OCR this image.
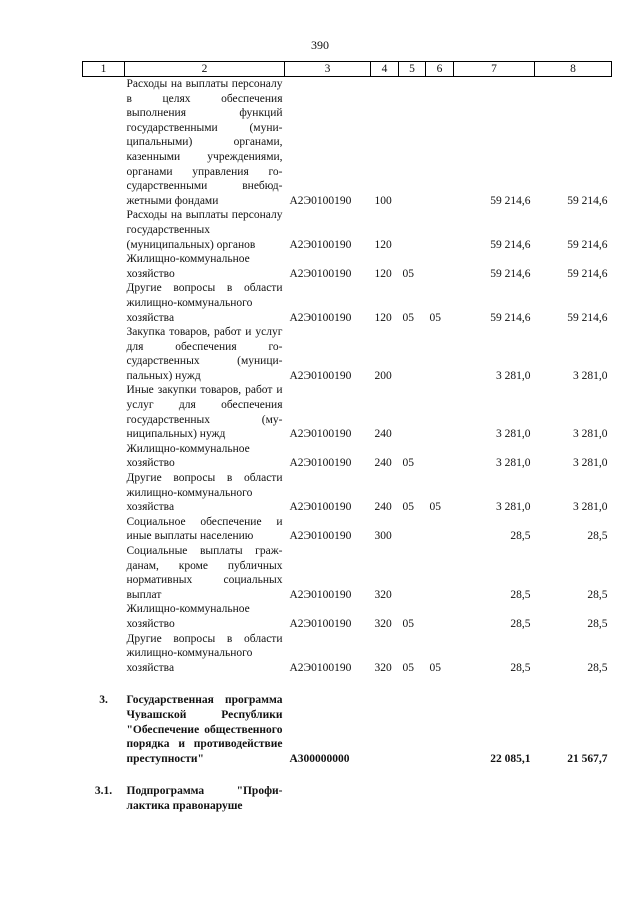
390
1	2	3	4	5	6	7	8
	Расходы на выплаты персоналу в целях обеспечения выполнения функций государственными (муниципальными) органами, казенными учреждениями, органами управления государственными внебюджетными фондами	А2Э0100190	100			59 214,6	59 214,6
	Расходы на выплаты персоналу государственных (муниципальных) органов	А2Э0100190	120			59 214,6	59 214,6
	Жилищно-коммунальное хозяйство	А2Э0100190	120	05		59 214,6	59 214,6
	Другие вопросы в области жилищно-коммунального хозяйства	А2Э0100190	120	05	05	59 214,6	59 214,6
	Закупка товаров, работ и услуг для обеспечения государственных (муниципальных) нужд	А2Э0100190	200			3 281,0	3 281,0
	Иные закупки товаров, работ и услуг для обеспечения государственных (муниципальных) нужд	А2Э0100190	240			3 281,0	3 281,0
	Жилищно-коммунальное хозяйство	А2Э0100190	240	05		3 281,0	3 281,0
	Другие вопросы в области жилищно-коммунального хозяйства	А2Э0100190	240	05	05	3 281,0	3 281,0
	Социальное обеспечение и иные выплаты населению	А2Э0100190	300			28,5	28,5
	Социальные выплаты гражданам, кроме публичных нормативных социальных выплат	А2Э0100190	320			28,5	28,5
	Жилищно-коммунальное хозяйство	А2Э0100190	320	05		28,5	28,5
	Другие вопросы в области жилищно-коммунального хозяйства	А2Э0100190	320	05	05	28,5	28,5

3.	Государственная программа Чувашской Республики "Обеспечение общественного порядка и противодействие преступности"	А300000000				22 085,1	21 567,7

3.1.	Подпрограмма "Профилактика правонаруше						
